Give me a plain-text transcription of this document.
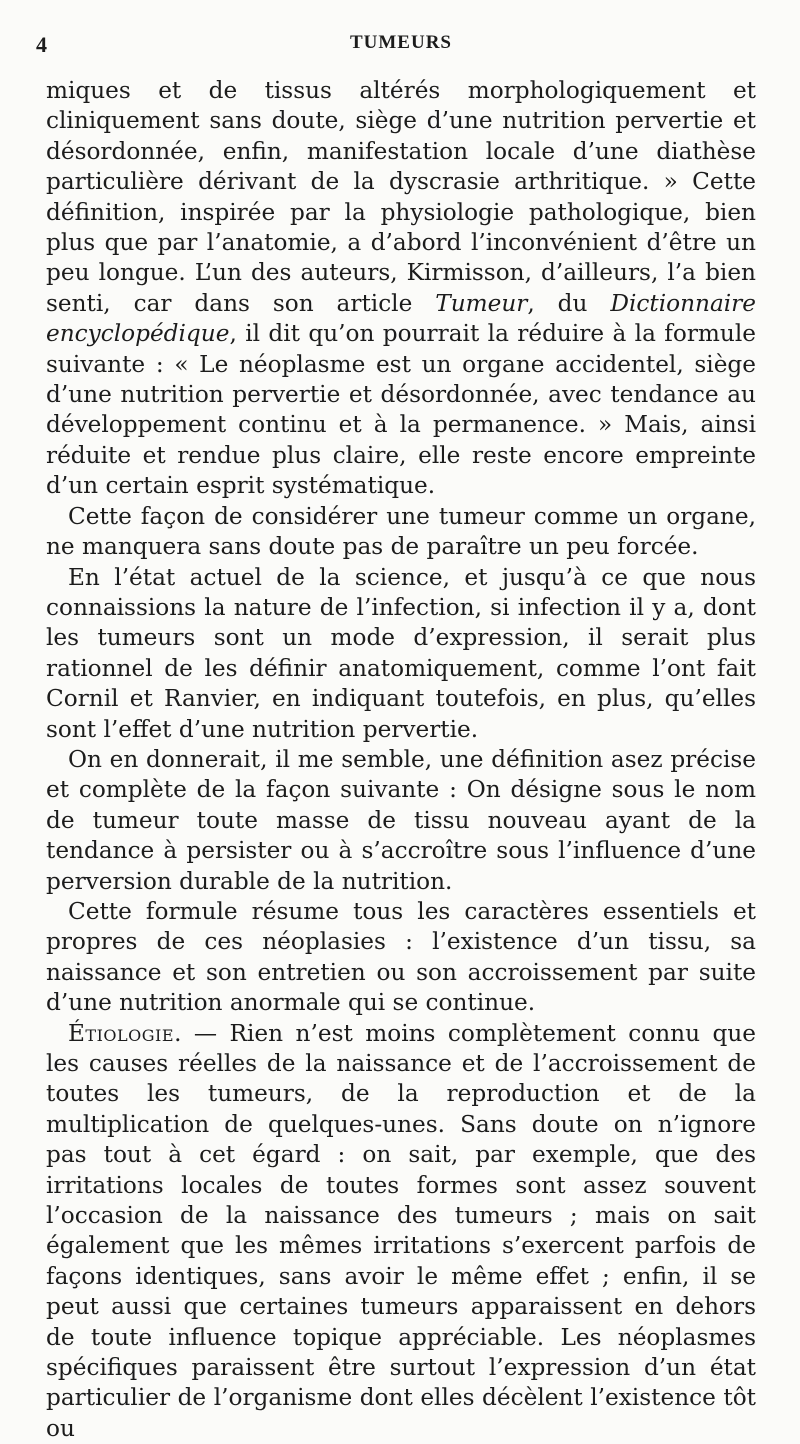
4	TUMEURS

miques et de tissus altérés morphologiquement et cliniquement sans doute, siège d’une nutrition pervertie et désordonnée, enfin, manifestation locale d’une diathèse particulière dérivant de la dyscrasie arthritique. » Cette définition, inspirée par la physiologie pathologique, bien plus que par l’anatomie, a d’abord l’inconvénient d’être un peu longue. L’un des auteurs, Kirmisson, d’ailleurs, l’a bien senti, car dans son article Tumeur, du Dictionnaire encyclopédique, il dit qu’on pourrait la réduire à la formule suivante : « Le néoplasme est un organe accidentel, siège d’une nutrition pervertie et désordonnée, avec tendance au développement continu et à la permanence. » Mais, ainsi réduite et rendue plus claire, elle reste encore empreinte d’un certain esprit systématique.

Cette façon de considérer une tumeur comme un organe, ne manquera sans doute pas de paraître un peu forcée.

En l’état actuel de la science, et jusqu’à ce que nous connaissions la nature de l’infection, si infection il y a, dont les tumeurs sont un mode d’expression, il serait plus rationnel de les définir anatomiquement, comme l’ont fait Cornil et Ranvier, en indiquant toutefois, en plus, qu’elles sont l’effet d’une nutrition pervertie.

On en donnerait, il me semble, une définition asez précise et complète de la façon suivante : On désigne sous le nom de tumeur toute masse de tissu nouveau ayant de la tendance à persister ou à s’accroître sous l’influence d’une perversion durable de la nutrition.

Cette formule résume tous les caractères essentiels et propres de ces néoplasies : l’existence d’un tissu, sa naissance et son entretien ou son accroissement par suite d’une nutrition anormale qui se continue.

Étiologie. — Rien n’est moins complètement connu que les causes réelles de la naissance et de l’accroissement de toutes les tumeurs, de la reproduction et de la multiplication de quelques-unes. Sans doute on n’ignore pas tout à cet égard : on sait, par exemple, que des irritations locales de toutes formes sont assez souvent l’occasion de la naissance des tumeurs ; mais on sait également que les mêmes irritations s’exercent parfois de façons identiques, sans avoir le même effet ; enfin, il se peut aussi que certaines tumeurs apparaissent en dehors de toute influence topique appréciable. Les néoplasmes spécifiques paraissent être surtout l’expression d’un état particulier de l’organisme dont elles décèlent l’existence tôt ou
